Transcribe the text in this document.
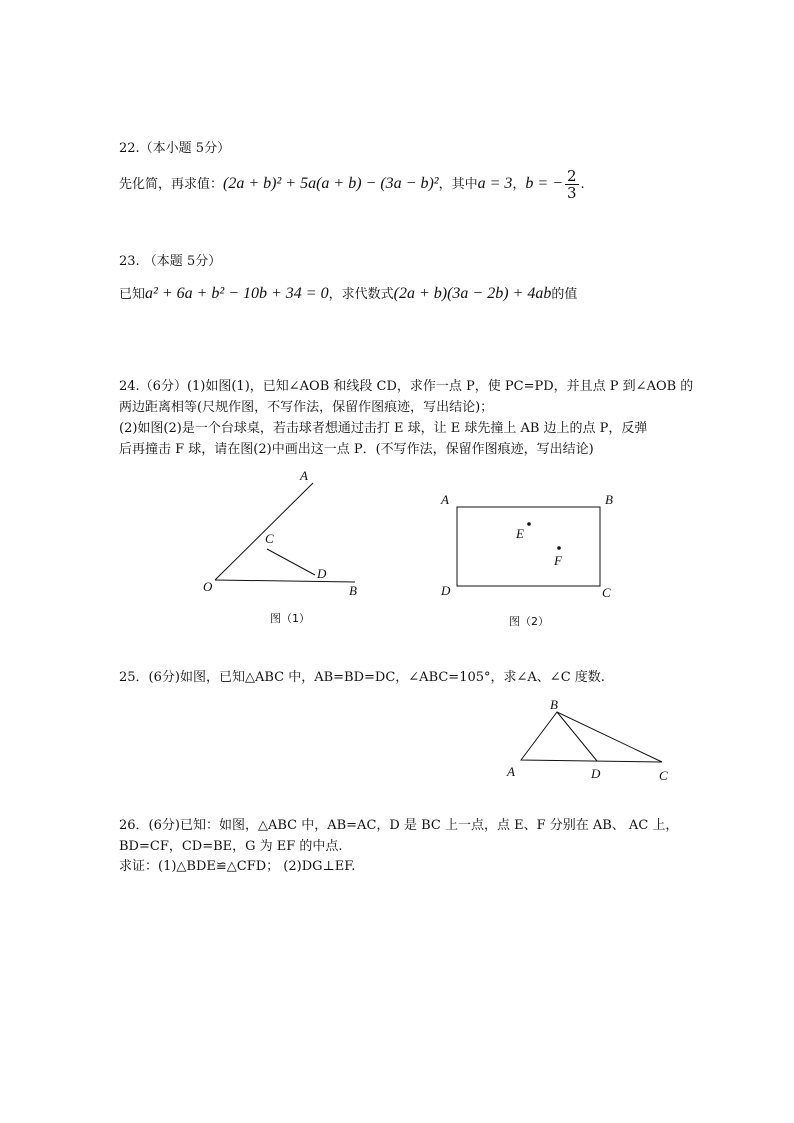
22.（本小题 5分）
先化简，再求值：(2a + b)² + 5a(a + b) − (3a − b)²，其中a = 3，b = − $\frac{2}{3}$ .
23. （本题 5分）
已知a² + 6a + b² − 10b + 34 = 0，求代数式(2a + b)(3a − 2b) + 4ab的值
24.（6分）(1)如图(1)，已知∠AOB 和线段 CD，求作一点 P，使 PC=PD，并且点 P 到∠AOB 的
两边距离相等(尺规作图，不写作法，保留作图痕迹，写出结论)；
(2)如图(2)是一个台球桌，若击球者想通过击打 E 球，让 E 球先撞上 AB 边上的点 P，反弹
后再撞击 F 球，请在图(2)中画出这一点 P．(不写作法，保留作图痕迹，写出结论)
A
O	B
C
D
图（1）
A	B
D	C
E
F
图（2）
25．(6分)如图，已知△ABC 中，AB=BD=DC，∠ABC=105°，求∠A、∠C 度数.
B
A	D	C
26．(6分)已知：如图，△ABC 中，AB=AC，D 是 BC 上一点，点 E、F 分别在 AB、 AC 上，
BD=CF，CD=BE，G 为 EF 的中点.
求证：(1)△BDE≌△CFD； (2)DG⊥EF.
